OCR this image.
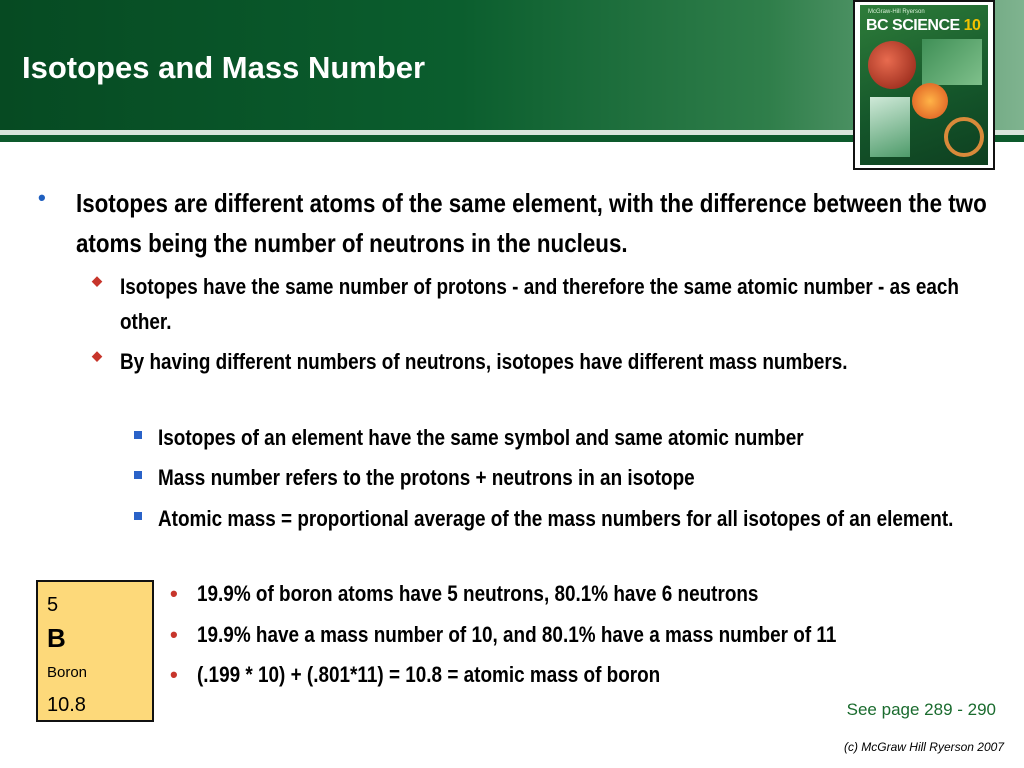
Isotopes and Mass Number
McGraw-Hill Ryerson
BC SCIENCE 10
• Isotopes are different atoms of the same element, with the difference between the two atoms being the number of neutrons in the nucleus.
◆ Isotopes have the same number of protons - and therefore the same atomic number - as each other.
◆ By having different numbers of neutrons, isotopes have different mass numbers.
Isotopes of an element have the same symbol and same atomic number
Mass number refers to the protons + neutrons in an isotope
Atomic mass = proportional average of the mass numbers for all isotopes of an element.
• 19.9% of boron atoms have 5 neutrons, 80.1% have 6 neutrons
• 19.9% have a mass number of 10, and 80.1% have a mass number of 11
• (.199 * 10) + (.801*11) = 10.8 = atomic mass of boron
5
B
Boron
10.8	See page 289 - 290
(c) McGraw Hill Ryerson 2007
